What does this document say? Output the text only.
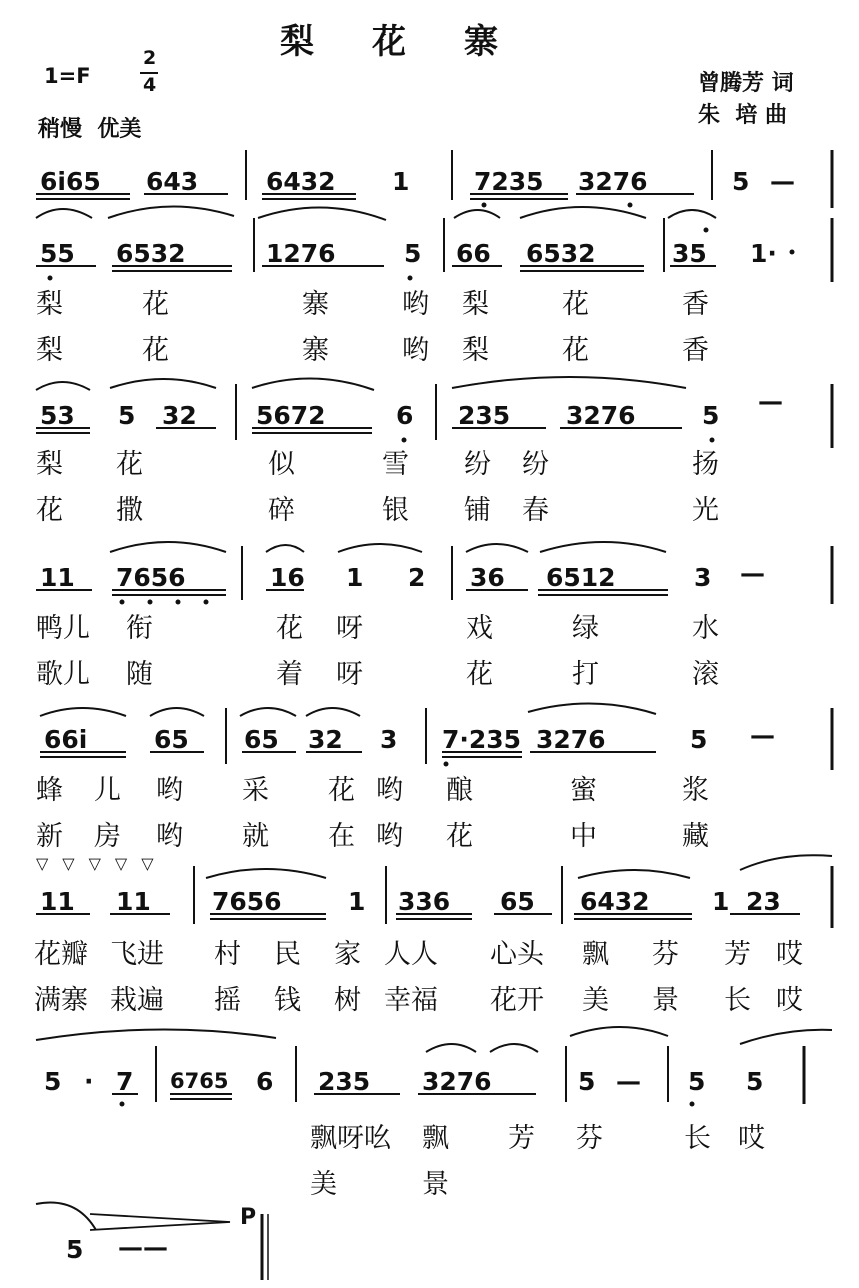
梨 花 寨
1=F
2
4
稍慢  优美
曾腾芳 词
朱  培 曲
6i65 643	6432 1	7235 3276	5 —
55 6532	1276	5 66 6532	35 1·
53 5 32 5672	6 235 3276	5 —
11 7656	16 1 2 36 6512	3 —
66i	65 65 32 3 7·235 3276	5 —
11 11 7656	1 336 65 6432 1 23
5 · 7 6765 6 235 3276	5 — 5 5
5 ——
P
梨	花	寨	哟 梨	花	香
梨	花	寨	哟 梨	花	香
梨 花	似	雪 纷 纷	扬
花 撒	碎	银 铺 春	光
鸭儿 衔	花 呀	戏	绿	水
歌儿 随	着 呀	花	打	滚
蜂 儿 哟 采 花 哟 酿	蜜	浆
新 房 哟 就 在 哟 花	中	藏
▽▽▽▽▽
花瓣 飞进 村 民 家 人人 心头 飘 芬 芳 哎
满寨 栽遍 摇 钱 树 幸福 花开 美 景 长 哎
飘呀吆 飘 芳 芬	长 哎
美	景
